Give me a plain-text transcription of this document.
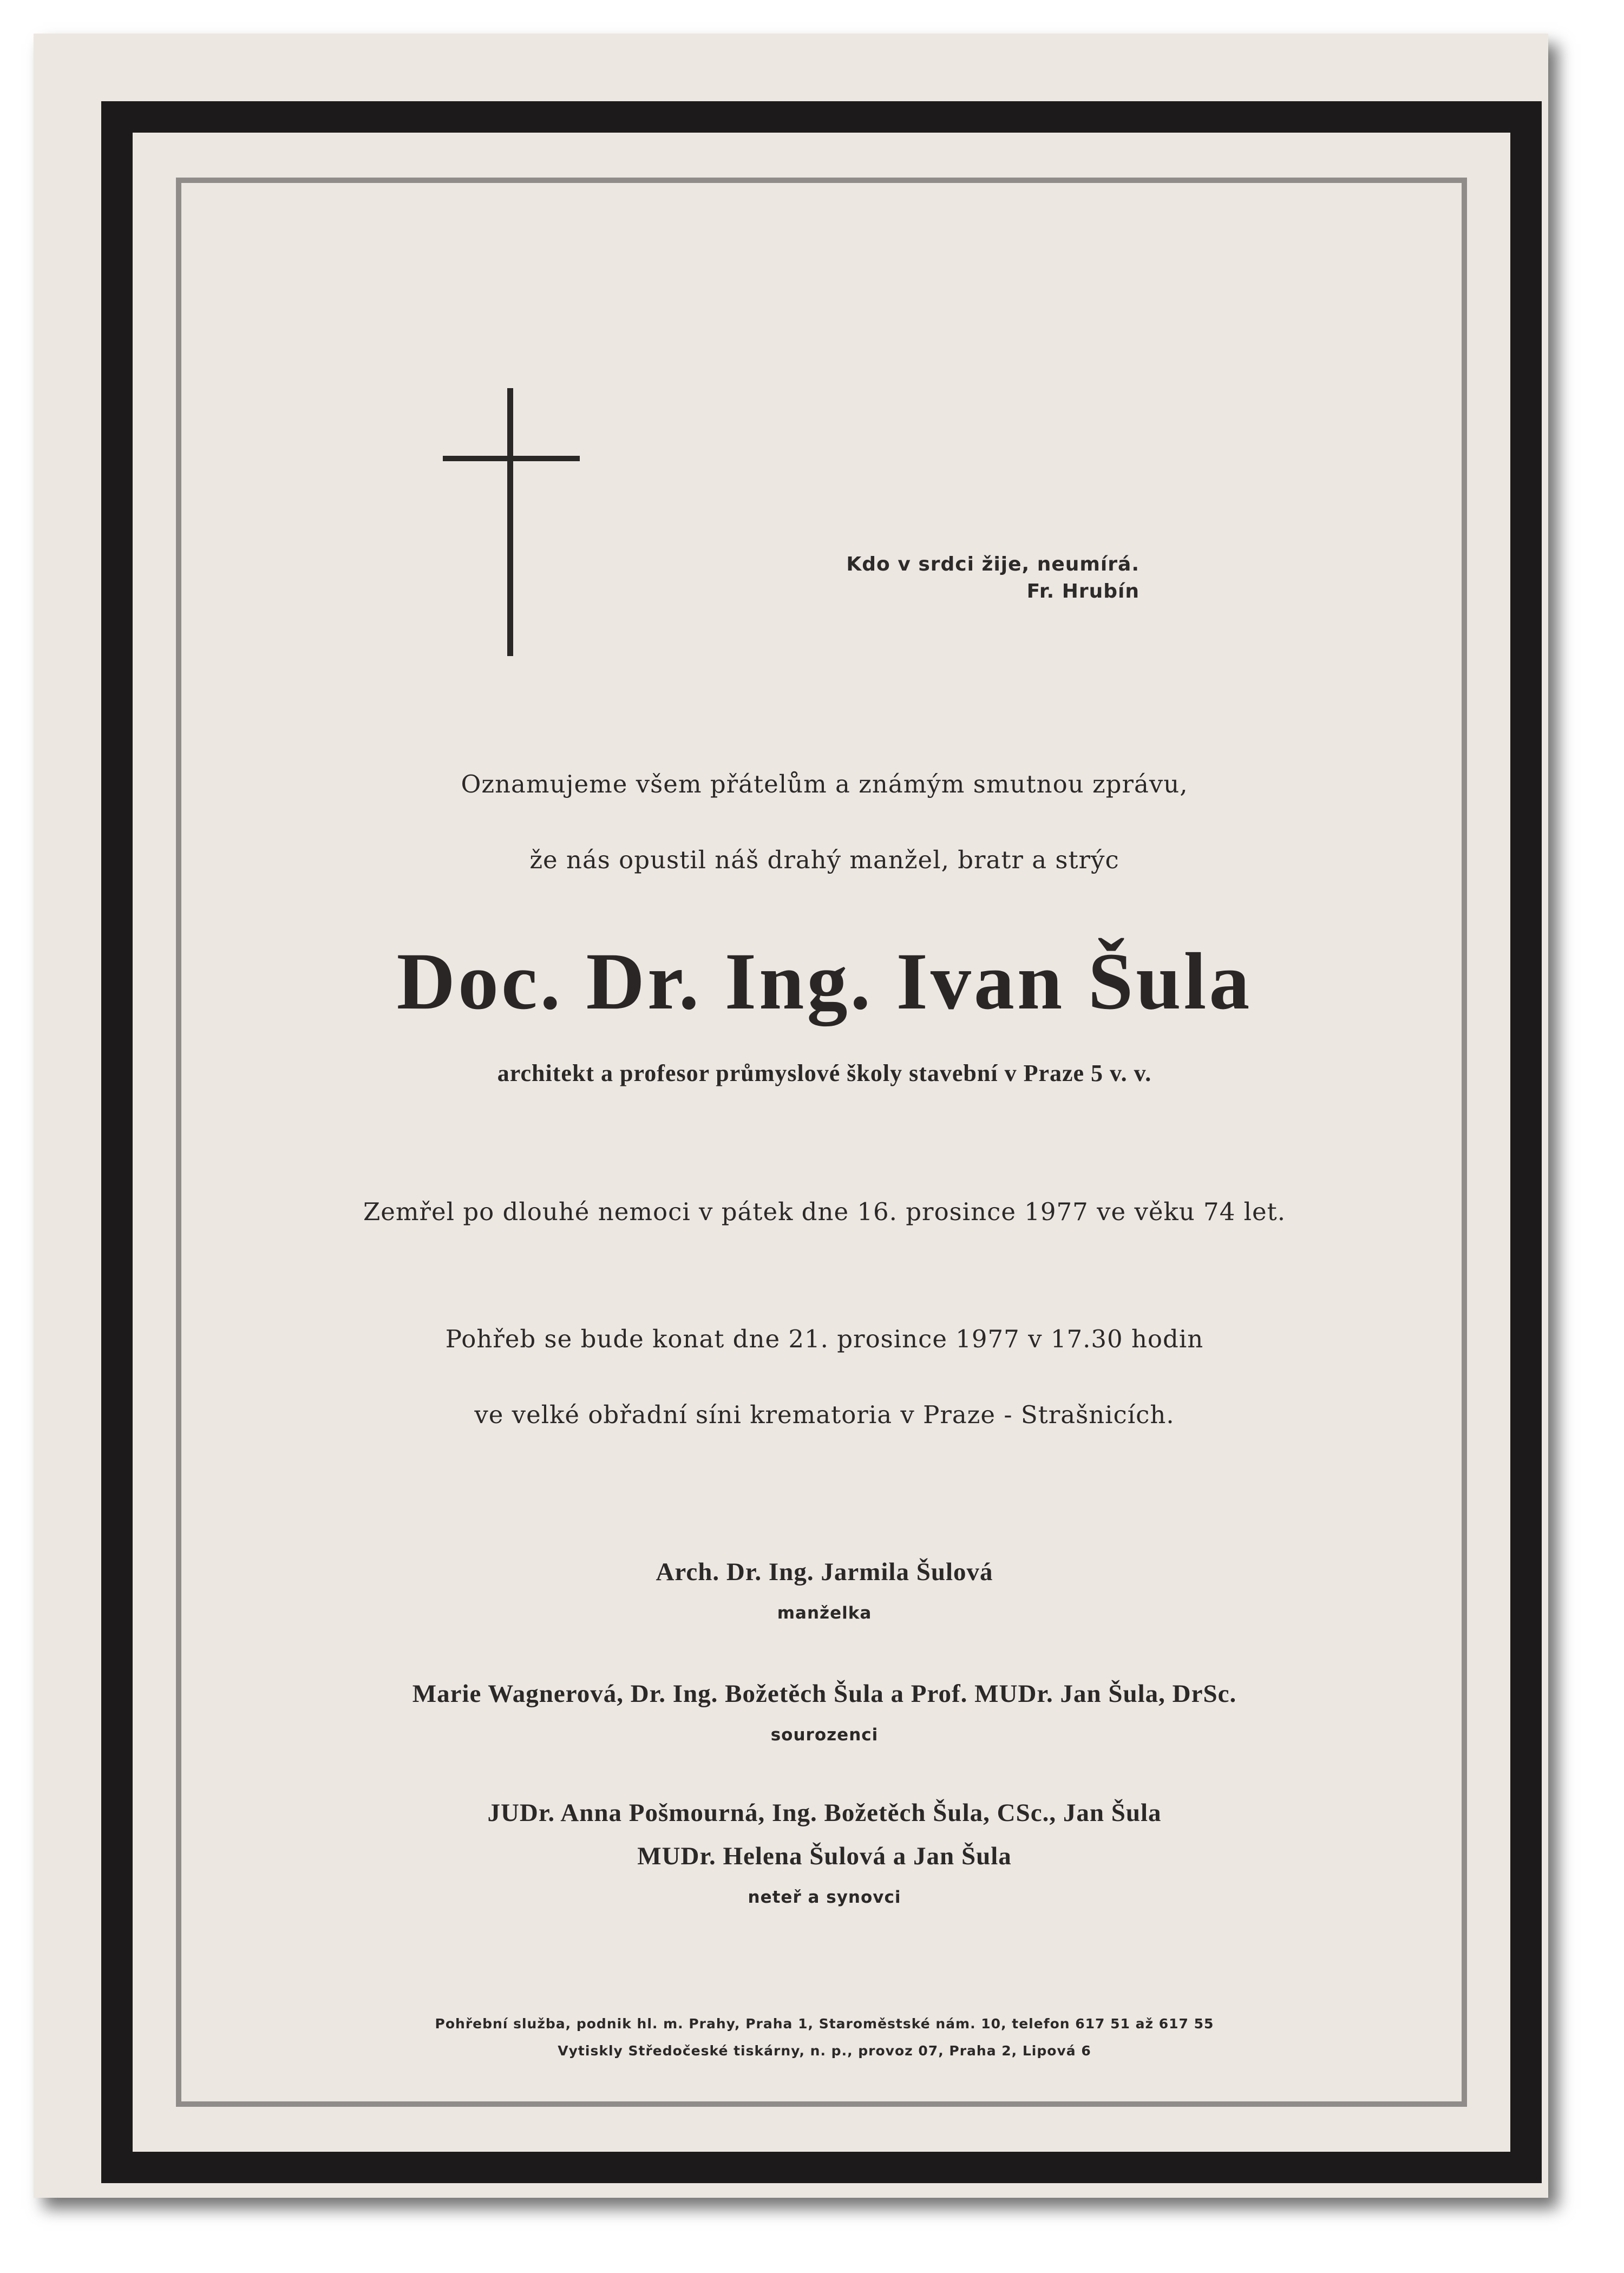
Kdo v srdci žije, neumírá.
Fr. Hrubín
Oznamujeme všem přátelům a známým smutnou zprávu,
že nás opustil náš drahý manžel, bratr a strýc
Doc. Dr. Ing. Ivan Šula
architekt a profesor průmyslové školy stavební v Praze 5 v. v.
Zemřel po dlouhé nemoci v pátek dne 16. prosince 1977 ve věku 74 let.
Pohřeb se bude konat dne 21. prosince 1977 v 17.30 hodin
ve velké obřadní síni krematoria v Praze - Strašnicích.
Arch. Dr. Ing. Jarmila Šulová
manželka
Marie Wagnerová, Dr. Ing. Božetěch Šula a Prof. MUDr. Jan Šula, DrSc.
sourozenci
JUDr. Anna Pošmourná, Ing. Božetěch Šula, CSc., Jan Šula
MUDr. Helena Šulová a Jan Šula
neteř a synovci
Pohřební služba, podnik hl. m. Prahy, Praha 1, Staroměstské nám. 10, telefon 617 51 až 617 55
Vytiskly Středočeské tiskárny, n. p., provoz 07, Praha 2, Lipová 6
